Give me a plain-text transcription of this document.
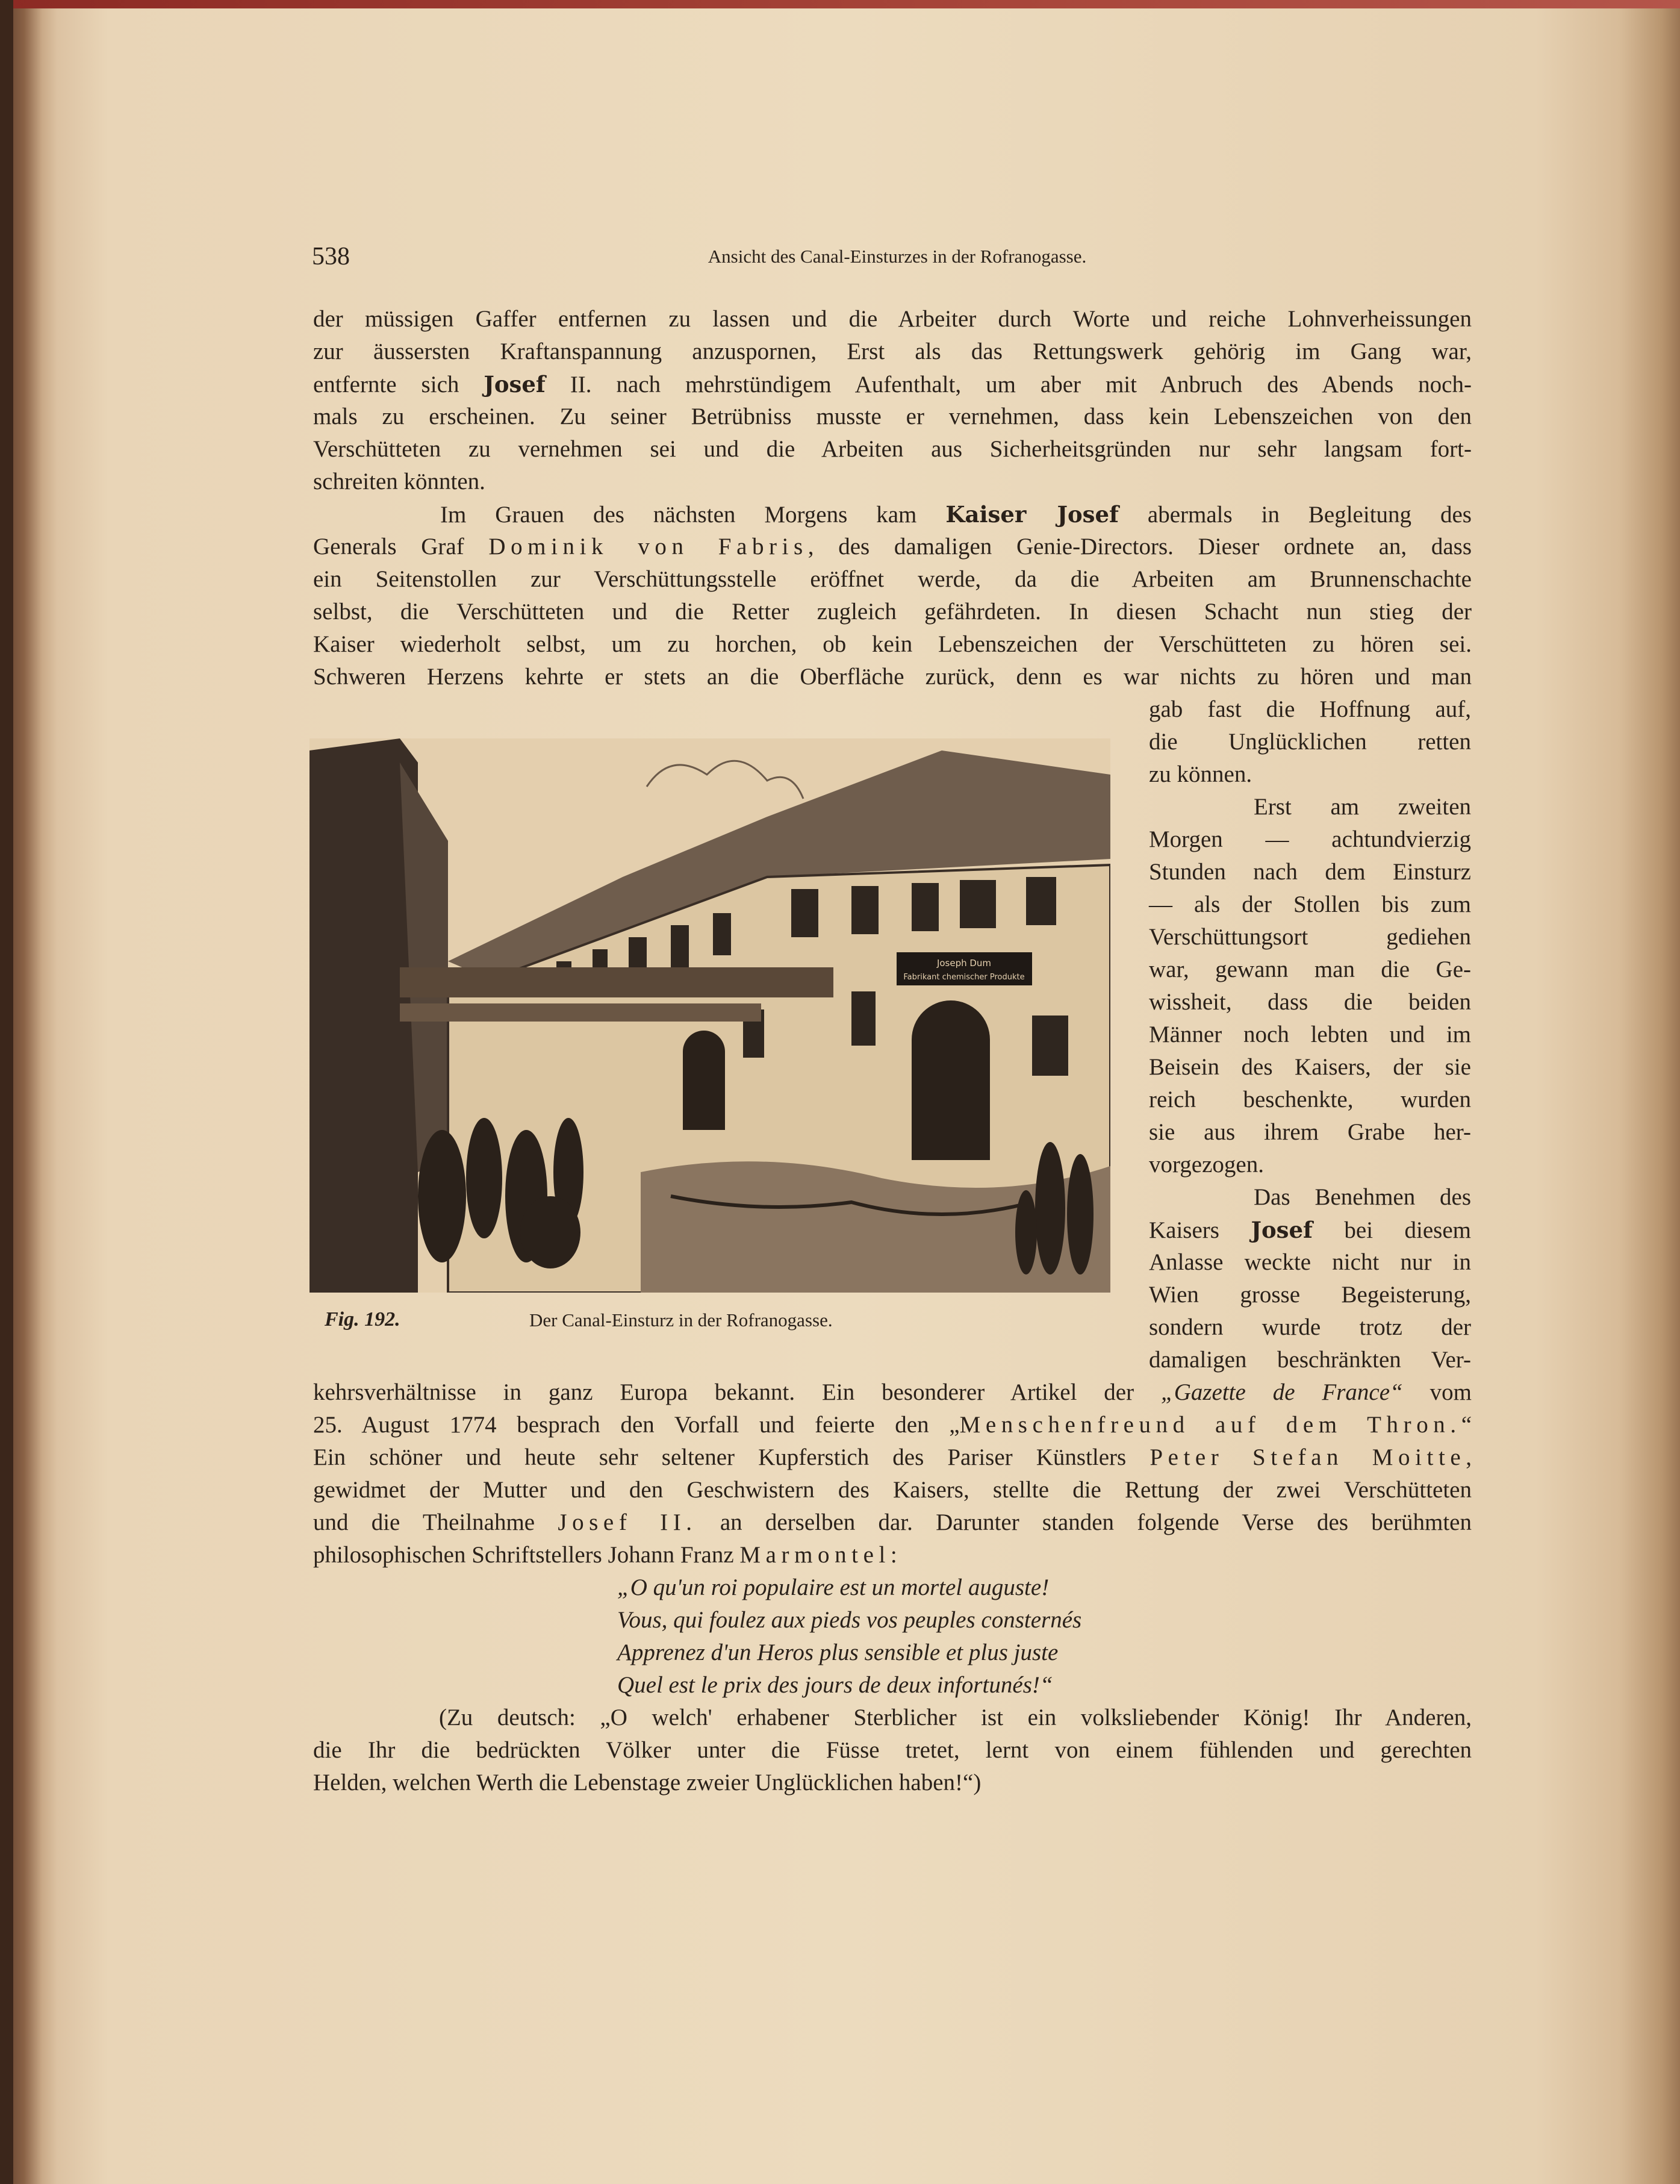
538	Ansicht des Canal-Einsturzes in der Rofranogasse.
der müssigen Gaffer entfernen zu lassen und die Arbeiter durch Worte und reiche Lohnverheissungen
zur äussersten Kraftanspannung anzuspornen, Erst als das Rettungswerk gehörig im Gang war,
entfernte sich Josef II. nach mehrstündigem Aufenthalt, um aber mit Anbruch des Abends noch-
mals zu erscheinen. Zu seiner Betrübniss musste er vernehmen, dass kein Lebenszeichen von den
Verschütteten zu vernehmen sei und die Arbeiten aus Sicherheitsgründen nur sehr langsam fort-
schreiten könnten.
Im Grauen des nächsten Morgens kam Kaiser Josef abermals in Begleitung des
Generals Graf Dominik von Fabris, des damaligen Genie-Directors. Dieser ordnete an, dass
ein Seitenstollen zur Verschüttungsstelle eröffnet werde, da die Arbeiten am Brunnenschachte
selbst, die Verschütteten und die Retter zugleich gefährdeten. In diesen Schacht nun stieg der
Kaiser wiederholt selbst, um zu horchen, ob kein Lebenszeichen der Verschütteten zu hören sei.
Schweren Herzens kehrte er stets an die Oberfläche zurück, denn es war nichts zu hören und man
gab fast die Hoffnung auf,
die Unglücklichen retten
zu können.
Erst am zweiten
Morgen — achtundvierzig
Stunden nach dem Einsturz
— als der Stollen bis zum
Verschüttungsort gediehen
war, gewann man die Ge-
wissheit, dass die beiden
Männer noch lebten und im
Beisein des Kaisers, der sie
reich beschenkte, wurden
sie aus ihrem Grabe her-
vorgezogen.
Das Benehmen des
Kaisers Josef bei diesem
Anlasse weckte nicht nur in
Wien grosse Begeisterung,
sondern wurde trotz der
damaligen beschränkten Ver-
kehrsverhältnisse in ganz Europa bekannt. Ein besonderer Artikel der „Gazette de France“ vom
25. August 1774 besprach den Vorfall und feierte den „Menschenfreund auf dem Thron.“
Ein schöner und heute sehr seltener Kupferstich des Pariser Künstlers Peter Stefan Moitte,
gewidmet der Mutter und den Geschwistern des Kaisers, stellte die Rettung der zwei Verschütteten
und die Theilnahme Josef II. an derselben dar. Darunter standen folgende Verse des berühmten
philosophischen Schriftstellers Johann Franz Marmontel:
„O qu'un roi populaire est un mortel auguste!
Vous, qui foulez aux pieds vos peuples consternés
Apprenez d'un Heros plus sensible et plus juste
Quel est le prix des jours de deux infortunés!“
(Zu deutsch: „O welch' erhabener Sterblicher ist ein volksliebender König! Ihr Anderen,
die Ihr die bedrückten Völker unter die Füsse tretet, lernt von einem fühlenden und gerechten
Helden, welchen Werth die Lebenstage zweier Unglücklichen haben!“)
Joseph Dum
Fabrikant chemischer Produkte
Fig. 192.	Der Canal-Einsturz in der Rofranogasse.
